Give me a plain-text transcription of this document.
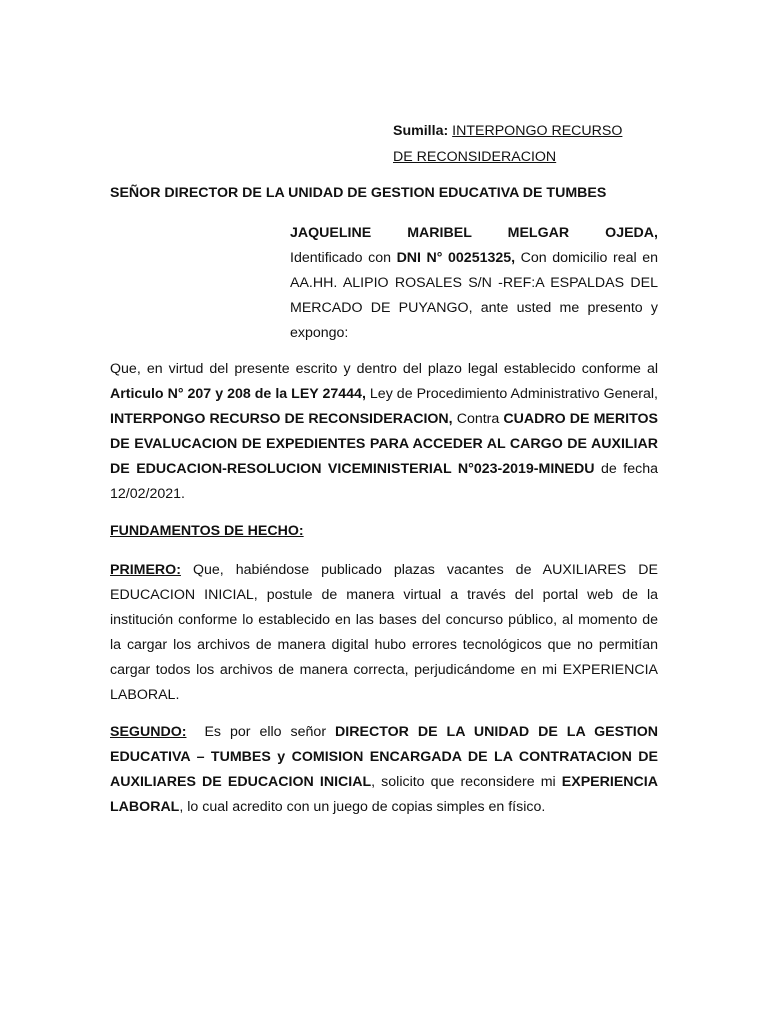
Sumilla: INTERPONGO RECURSO
DE RECONSIDERACION
SEÑOR DIRECTOR DE LA UNIDAD DE GESTION EDUCATIVA DE TUMBES
JAQUELINE MARIBEL MELGAR OJEDA,
Identificado con DNI N° 00251325, Con domicilio real en AA.HH. ALIPIO ROSALES S/N -REF:A ESPALDAS DEL MERCADO DE PUYANGO, ante usted me presento y expongo:
Que, en virtud del presente escrito y dentro del plazo legal establecido conforme al Articulo N° 207 y 208 de la LEY 27444, Ley de Procedimiento Administrativo General, INTERPONGO RECURSO DE RECONSIDERACION, Contra CUADRO DE MERITOS DE EVALUCACION DE EXPEDIENTES PARA ACCEDER AL CARGO DE AUXILIAR DE EDUCACION-RESOLUCION VICEMINISTERIAL N°023-2019-MINEDU de fecha 12/02/2021.
FUNDAMENTOS DE HECHO:
PRIMERO: Que, habiéndose publicado plazas vacantes de AUXILIARES DE EDUCACION INICIAL, postule de manera virtual a través del portal web de la institución conforme lo establecido en las bases del concurso público, al momento de la cargar los archivos de manera digital hubo errores tecnológicos que no permitían cargar todos los archivos de manera correcta, perjudicándome en mi EXPERIENCIA LABORAL.
SEGUNDO: Es por ello señor DIRECTOR DE LA UNIDAD DE LA GESTION EDUCATIVA – TUMBES y COMISION ENCARGADA DE LA CONTRATACION DE AUXILIARES DE EDUCACION INICIAL, solicito que reconsidere mi EXPERIENCIA LABORAL, lo cual acredito con un juego de copias simples en físico.
